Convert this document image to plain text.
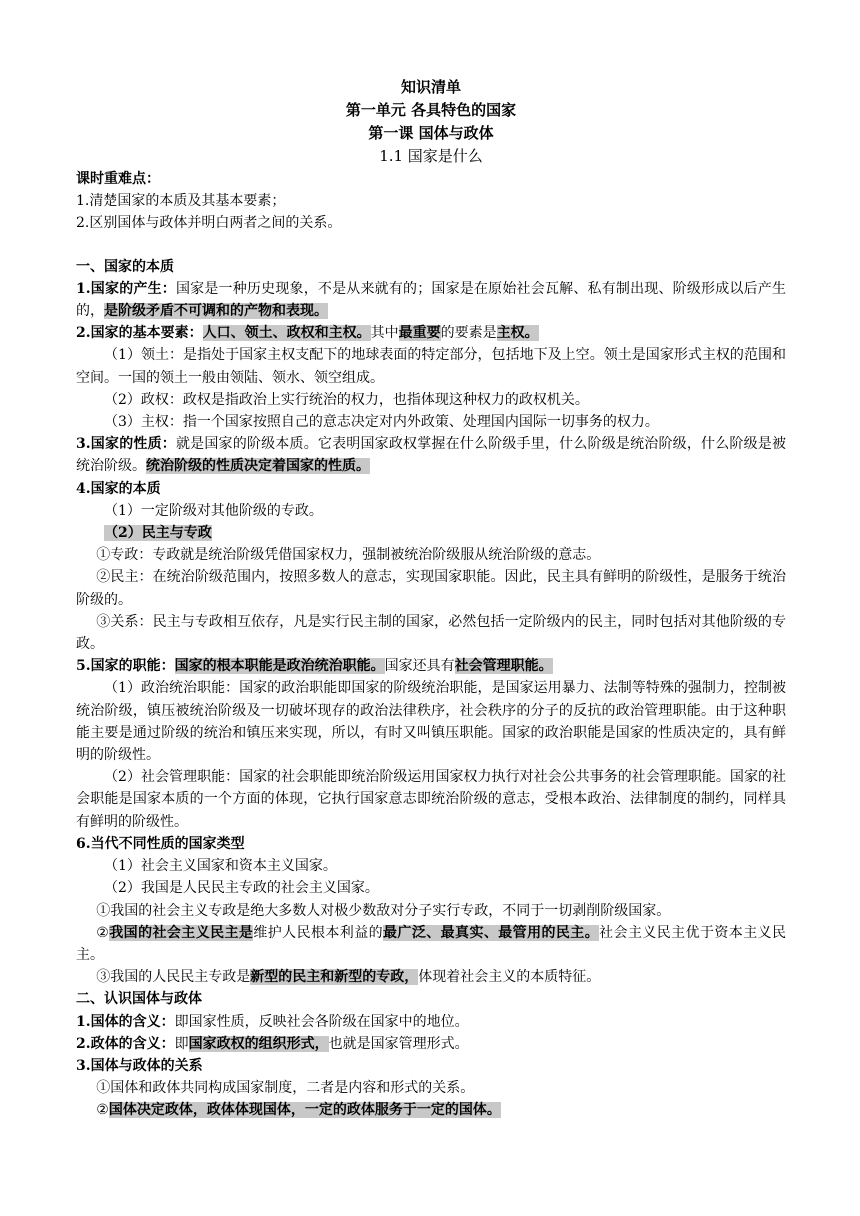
知识清单

第一单元 各具特色的国家

第一课 国体与政体

1.1 国家是什么

课时重难点：

1.清楚国家的本质及其基本要素；

2.区别国体与政体并明白两者之间的关系。

一、国家的本质

1.国家的产生：国家是一种历史现象，不是从来就有的；国家是在原始社会瓦解、私有制出现、阶级形成以后产生的，是阶级矛盾不可调和的产物和表现。

2.国家的基本要素：人口、领土、政权和主权。其中最重要的要素是主权。

（1）领土：是指处于国家主权支配下的地球表面的特定部分，包括地下及上空。领土是国家形式主权的范围和空间。一国的领土一般由领陆、领水、领空组成。

（2）政权：政权是指政治上实行统治的权力，也指体现这种权力的政权机关。

（3）主权：指一个国家按照自己的意志决定对内外政策、处理国内国际一切事务的权力。

3.国家的性质：就是国家的阶级本质。它表明国家政权掌握在什么阶级手里，什么阶级是统治阶级，什么阶级是被统治阶级。统治阶级的性质决定着国家的性质。

4.国家的本质

（1）一定阶级对其他阶级的专政。

（2）民主与专政

①专政：专政就是统治阶级凭借国家权力，强制被统治阶级服从统治阶级的意志。

②民主：在统治阶级范围内，按照多数人的意志，实现国家职能。因此，民主具有鲜明的阶级性，是服务于统治阶级的。

③关系：民主与专政相互依存，凡是实行民主制的国家，必然包括一定阶级内的民主，同时包括对其他阶级的专政。

5.国家的职能：国家的根本职能是政治统治职能。国家还具有社会管理职能。

（1）政治统治职能：国家的政治职能即国家的阶级统治职能，是国家运用暴力、法制等特殊的强制力，控制被统治阶级，镇压被统治阶级及一切破坏现存的政治法律秩序，社会秩序的分子的反抗的政治管理职能。由于这种职能主要是通过阶级的统治和镇压来实现，所以，有时又叫镇压职能。国家的政治职能是国家的性质决定的，具有鲜明的阶级性。

（2）社会管理职能：国家的社会职能即统治阶级运用国家权力执行对社会公共事务的社会管理职能。国家的社会职能是国家本质的一个方面的体现，它执行国家意志即统治阶级的意志，受根本政治、法律制度的制约，同样具有鲜明的阶级性。

6.当代不同性质的国家类型

（1）社会主义国家和资本主义国家。

（2）我国是人民民主专政的社会主义国家。

①我国的社会主义专政是绝大多数人对极少数敌对分子实行专政，不同于一切剥削阶级国家。

②我国的社会主义民主是维护人民根本利益的最广泛、最真实、最管用的民主。社会主义民主优于资本主义民主。

③我国的人民民主专政是新型的民主和新型的专政，体现着社会主义的本质特征。

二、认识国体与政体

1.国体的含义：即国家性质，反映社会各阶级在国家中的地位。

2.政体的含义：即国家政权的组织形式，也就是国家管理形式。

3.国体与政体的关系

①国体和政体共同构成国家制度，二者是内容和形式的关系。

②国体决定政体，政体体现国体，一定的政体服务于一定的国体。
